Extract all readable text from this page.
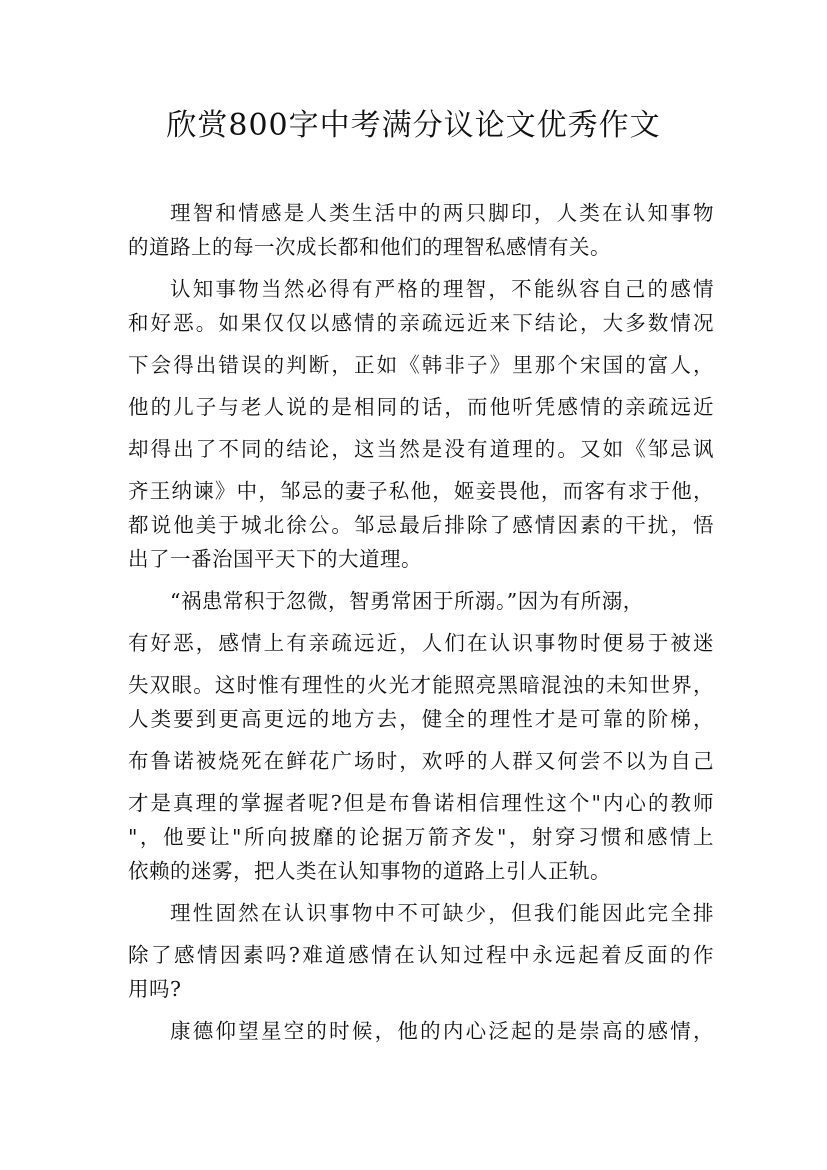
欣赏800字中考满分议论文优秀作文
理智和情感是人类生活中的两只脚印，人类在认知事物
的道路上的每一次成长都和他们的理智私感情有关。
认知事物当然必得有严格的理智，不能纵容自己的感情
和好恶。如果仅仅以感情的亲疏远近来下结论，大多数情况
下会得出错误的判断，正如《韩非子》里那个宋国的富人，
他的儿子与老人说的是相同的话，而他听凭感情的亲疏远近
却得出了不同的结论，这当然是没有道理的。又如《邹忌讽
齐王纳谏》中，邹忌的妻子私他，姬妾畏他，而客有求于他，
都说他美于城北徐公。邹忌最后排除了感情因素的干扰，悟
出了一番治国平天下的大道理。
“祸患常积于忽微，智勇常困于所溺。”因为有所溺，
有好恶，感情上有亲疏远近，人们在认识事物时便易于被迷
失双眼。这时惟有理性的火光才能照亮黑暗混浊的未知世界，
人类要到更高更远的地方去，健全的理性才是可靠的阶梯，
布鲁诺被烧死在鲜花广场时，欢呼的人群又何尝不以为自己
才是真理的掌握者呢?但是布鲁诺相信理性这个"内心的教师
"，他要让"所向披靡的论据万箭齐发"，射穿习惯和感情上
依赖的迷雾，把人类在认知事物的道路上引人正轨。
理性固然在认识事物中不可缺少，但我们能因此完全排
除了感情因素吗?难道感情在认知过程中永远起着反面的作
用吗?
康德仰望星空的时候，他的内心泛起的是崇高的感情，
